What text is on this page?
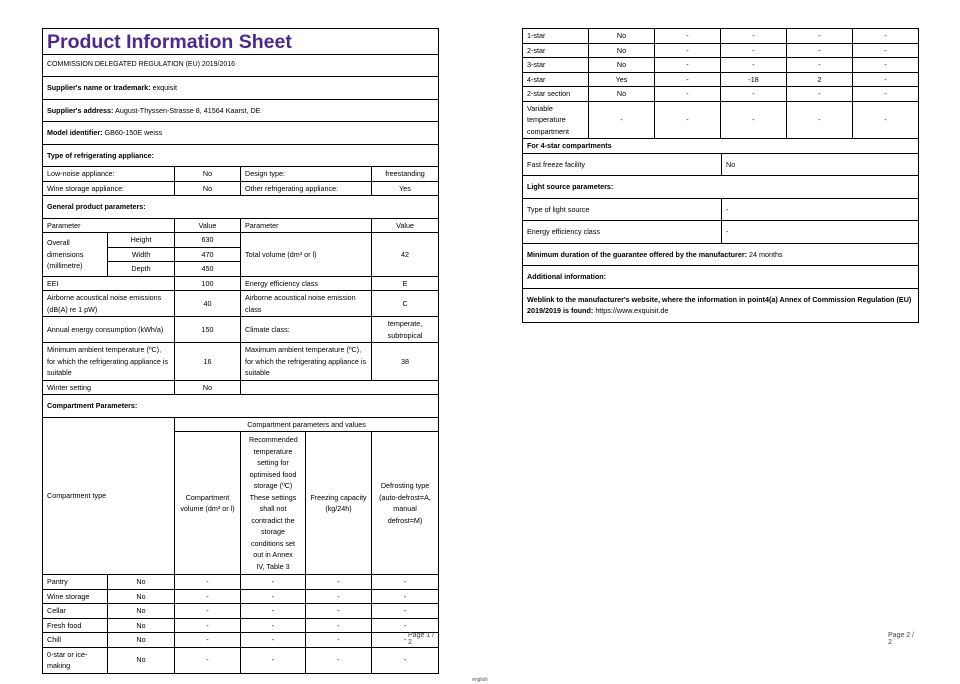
Product Information Sheet					
COMMISSION DELEGATED REGULATION (EU) 2019/2016					
Supplier's name or trademark: exquisit					
Supplier's address: August-Thyssen-Strasse 8, 41564 Kaarst, DE					
Model identifier: GB60-150E weiss					
Type of refrigerating appliance:					
Low-noise appliance:		No	Design type:		freestanding
Wine storage appliance:		No	Other refrigerating appliance:		Yes
General product parameters:					
Parameter		Value	Parameter		Value
Overall dimensions (millimetre)	Height	630	Total volume (dm³ or l)		42
	Width	470			
	Depth	450			
EEI		100	Energy efficiency class		E
Airborne acoustical noise emissions (dB(A) re 1 pW)		40	Airborne acoustical noise emission class		C
Annual energy consumption (kWh/a)		150	Climate class:		temperate, subtropical
Minimum ambient temperature (ºC), for which the refrigerating appliance is suitable		16	Maximum ambient temperature (ºC), for which the refrigerating appliance is suitable		38
Winter setting		No			
Compartment Parameters:					
Compartment type		Compartment parameters and values			
		Compartment volume (dm³ or l)	Recommended temperature setting for optimised food storage (ºC) These settings shall not contradict the storage conditions set out in Annex IV, Table 3	Freezing capacity (kg/24h)	Defrosting type (auto-defrost=A, manual defrost=M)
Pantry	No	-	-	-	-
Wine storage	No	-	-	-	-
Cellar	No	-	-	-	-
Fresh food	No	-	-	-	-
Chill	No	-	-	-	-
0-star or ice-making	No	-	-	-	-
Page 1 / 2
1-star	No	-	-	-	-
2-star	No	-	-	-	-
3-star	No	-	-	-	-
4-star	Yes	-	-18	2	-
2-star section	No	-	-	-	-
Variable temperature compartment	-	-	-	-	-
For 4-star compartments	
Fast freeze facility	No
Light source parameters:	
Type of light source	-
Energy efficiency class	-
Minimum duration of the guarantee offered by the manufacturer: 24 months	
Additional information:	
Weblink to the manufacturer's website, where the information in point4(a) Annex of Commission Regulation (EU) 2019/2019 is found: https://www.exquisit.de	
Page 2 / 2
english
